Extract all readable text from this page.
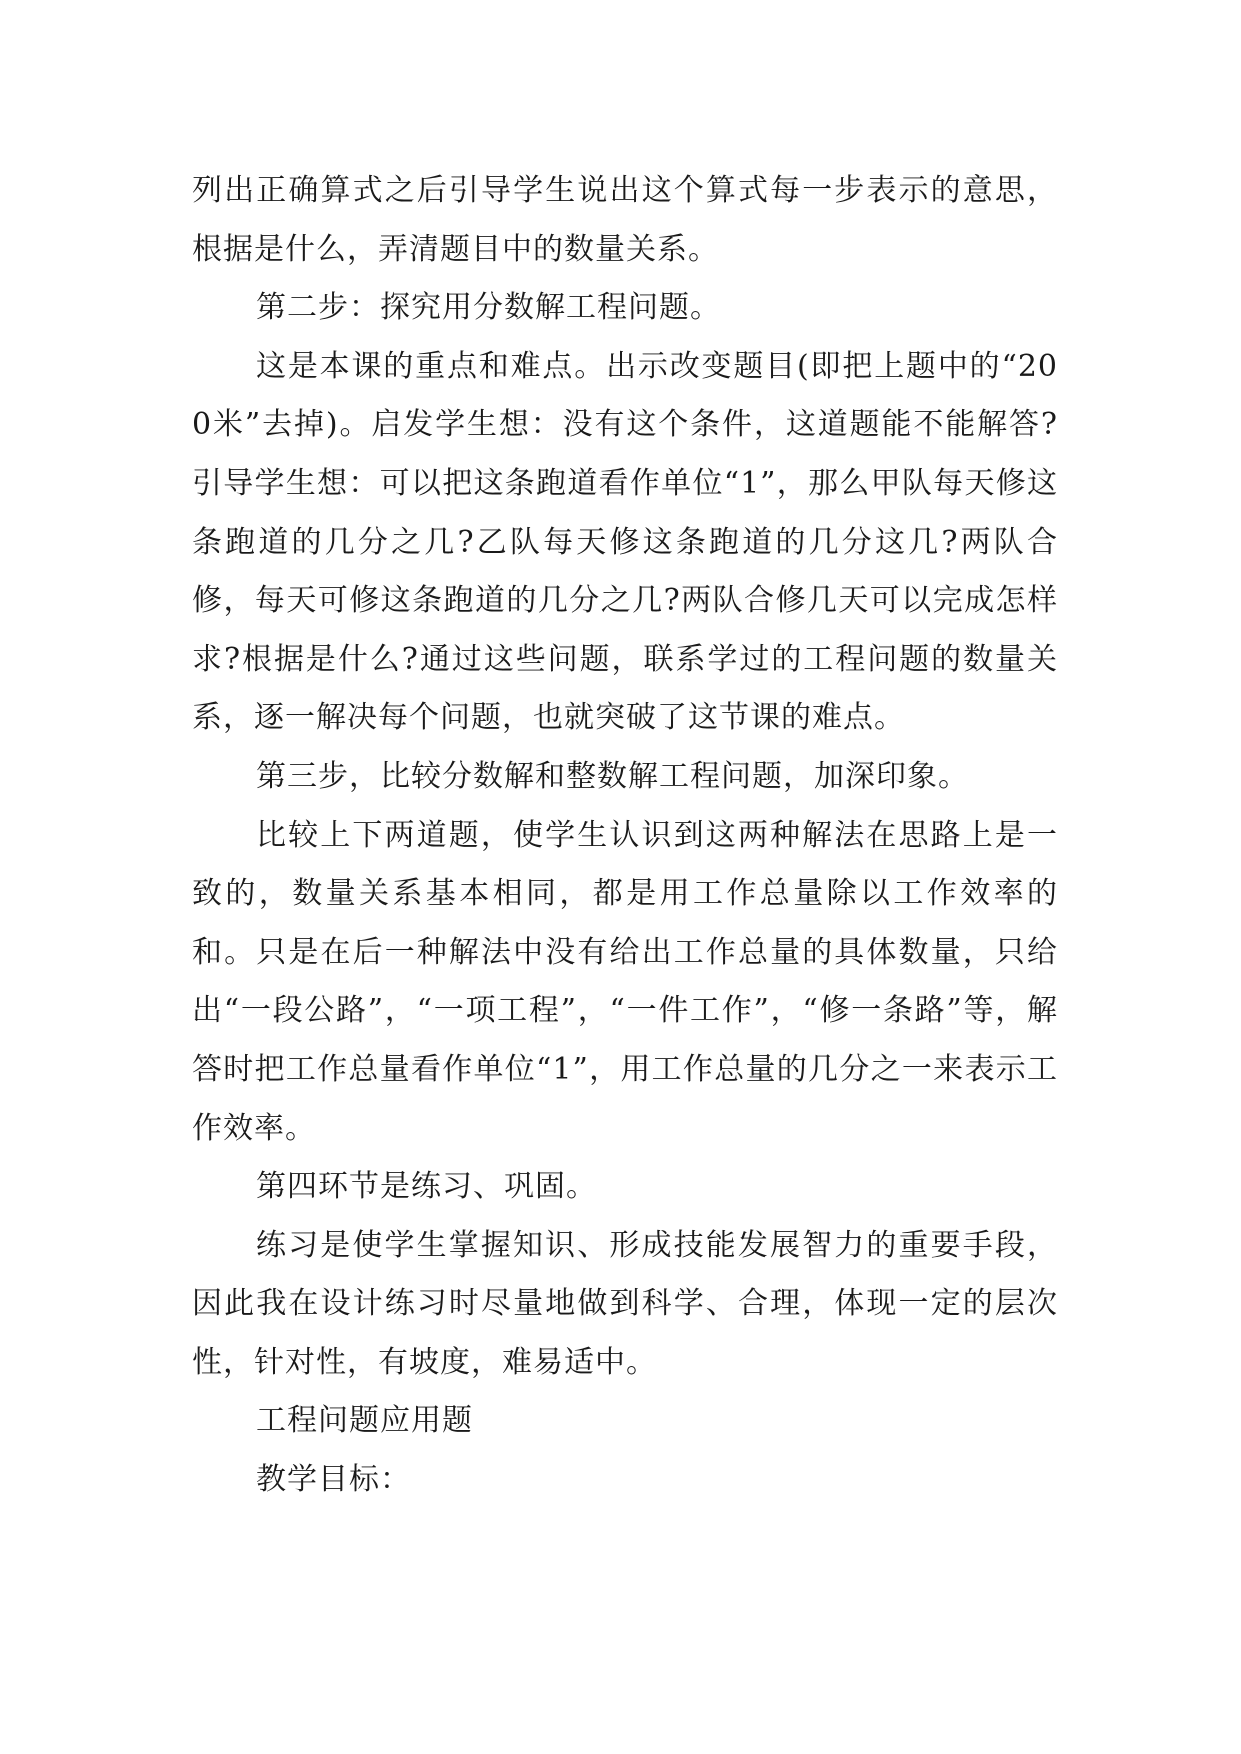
列出正确算式之后引导学生说出这个算式每一步表示的意思，根据是什么，弄清题目中的数量关系。

第二步：探究用分数解工程问题。

这是本课的重点和难点。出示改变题目(即把上题中的“200米”去掉)。启发学生想：没有这个条件，这道题能不能解答?引导学生想：可以把这条跑道看作单位“1”，那么甲队每天修这条跑道的几分之几?乙队每天修这条跑道的几分这几?两队合修，每天可修这条跑道的几分之几?两队合修几天可以完成怎样求?根据是什么?通过这些问题，联系学过的工程问题的数量关系，逐一解决每个问题，也就突破了这节课的难点。

第三步，比较分数解和整数解工程问题，加深印象。

比较上下两道题，使学生认识到这两种解法在思路上是一致的，数量关系基本相同，都是用工作总量除以工作效率的和。只是在后一种解法中没有给出工作总量的具体数量，只给出“一段公路”，“一项工程”，“一件工作”，“修一条路”等，解答时把工作总量看作单位“1”，用工作总量的几分之一来表示工作效率。

第四环节是练习、巩固。

练习是使学生掌握知识、形成技能发展智力的重要手段，因此我在设计练习时尽量地做到科学、合理，体现一定的层次性，针对性，有坡度，难易适中。

工程问题应用题

教学目标：
